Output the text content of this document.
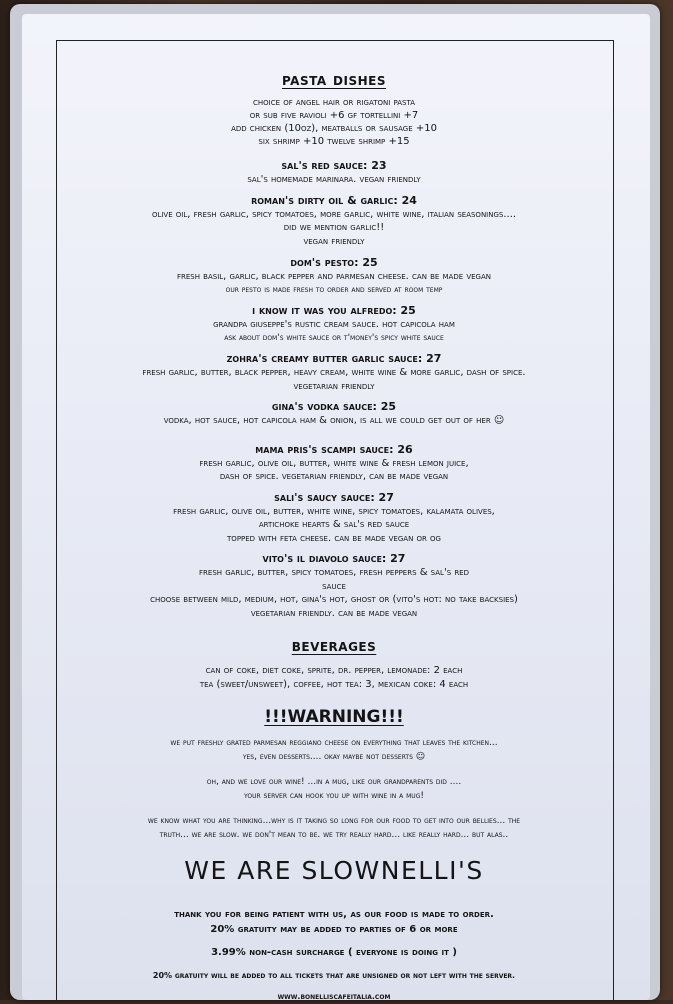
pasta dishes
choice of angel hair or rigatoni pasta
or sub five ravioli +6 gf tortellini +7
add chicken (10oz), meatballs or sausage +10
six shrimp +10 twelve shrimp +15
sal's red sauce: 23
sal's homemade marinara. vegan friendly
roman's dirty oil & garlic: 24
olive oil, fresh garlic, spicy tomatoes, more garlic, white wine, italian seasonings....
did we mention garlic!!
vegan friendly
dom's pesto: 25
fresh basil, garlic, black pepper and parmesan cheese. can be made vegan
our pesto is made fresh to order and served at room temp
i know it was you alfredo: 25
grandpa giuseppe's rustic cream sauce. hot capicola ham
ask about dom's white sauce or t'money's spicy white sauce
zohra's creamy butter garlic sauce: 27
fresh garlic, butter, black pepper, heavy cream, white wine & more garlic, dash of spice.
vegetarian friendly
gina's vodka sauce: 25
vodka, hot sauce, hot capicola ham & onion, is all we could get out of her ☺
mama pris's scampi sauce: 26
fresh garlic, olive oil, butter, white wine & fresh lemon juice,
dash of spice. vegetarian friendly, can be made vegan
sali's saucy sauce: 27
fresh garlic, olive oil, butter, white wine, spicy tomatoes, kalamata olives,
artichoke hearts & sal's red sauce
topped with feta cheese. can be made vegan or og
vito's il diavolo sauce: 27
fresh garlic, butter, spicy tomatoes, fresh peppers & sal's red
sauce
choose between mild, medium, hot, gina's hot, ghost or (vito's hot: no take backsies)
vegetarian friendly. can be made vegan
beverages
can of coke, diet coke, sprite, dr. pepper, lemonade: 2 each
tea (sweet/unsweet), coffee, hot tea: 3, mexican coke: 4 each
!!!WARNING!!!
we put freshly grated parmesan reggiano cheese on everything that leaves the kitchen...
yes, even desserts.... okay maybe not desserts ☺
oh, and we love our wine! ...in a mug, like our grandparents did ....
your server can hook you up with wine in a mug!
we know what you are thinking...why is it taking so long for our food to get into our bellies... the
truth... we are slow. we don't mean to be. we try really hard... like really hard... but alas..
WE ARE SLOWNELLI'S
thank you for being patient with us, as our food is made to order.
20% gratuity may be added to parties of 6 or more
3.99% non-cash surcharge ( everyone is doing it )
20% gratuity will be added to all tickets that are unsigned or not left with the server.
www.bonelliscafeitalia.com
